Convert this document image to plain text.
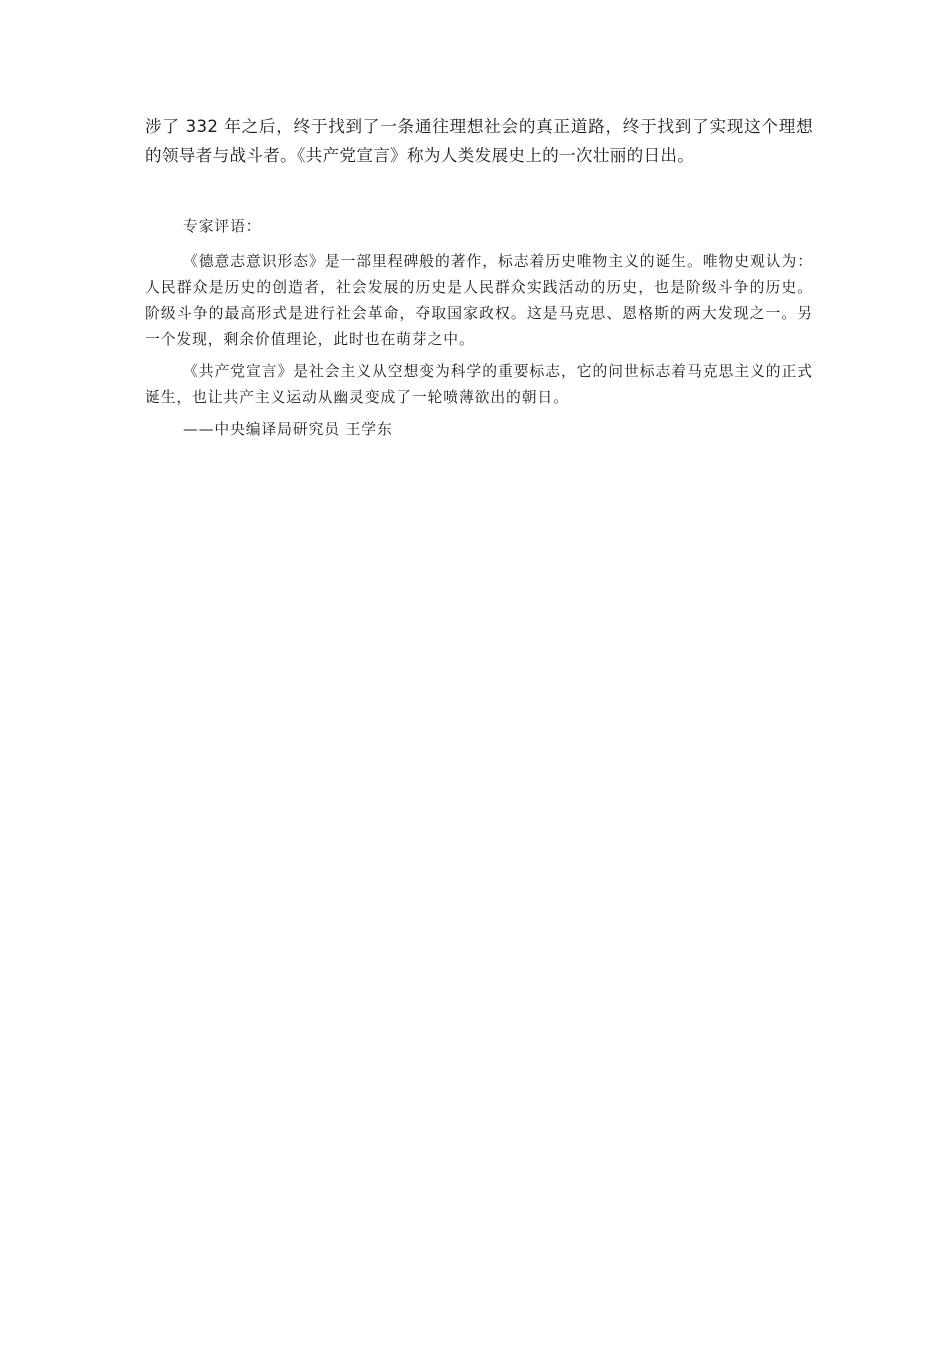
涉了 332 年之后，终于找到了一条通往理想社会的真正道路，终于找到了实现这个理想的领导者与战斗者。《共产党宣言》称为人类发展史上的一次壮丽的日出。

专家评语：

《德意志意识形态》是一部里程碑般的著作，标志着历史唯物主义的诞生。唯物史观认为：人民群众是历史的创造者，社会发展的历史是人民群众实践活动的历史，也是阶级斗争的历史。阶级斗争的最高形式是进行社会革命，夺取国家政权。这是马克思、恩格斯的两大发现之一。另一个发现，剩余价值理论，此时也在萌芽之中。

《共产党宣言》是社会主义从空想变为科学的重要标志，它的问世标志着马克思主义的正式诞生，也让共产主义运动从幽灵变成了一轮喷薄欲出的朝日。

——中央编译局研究员 王学东
